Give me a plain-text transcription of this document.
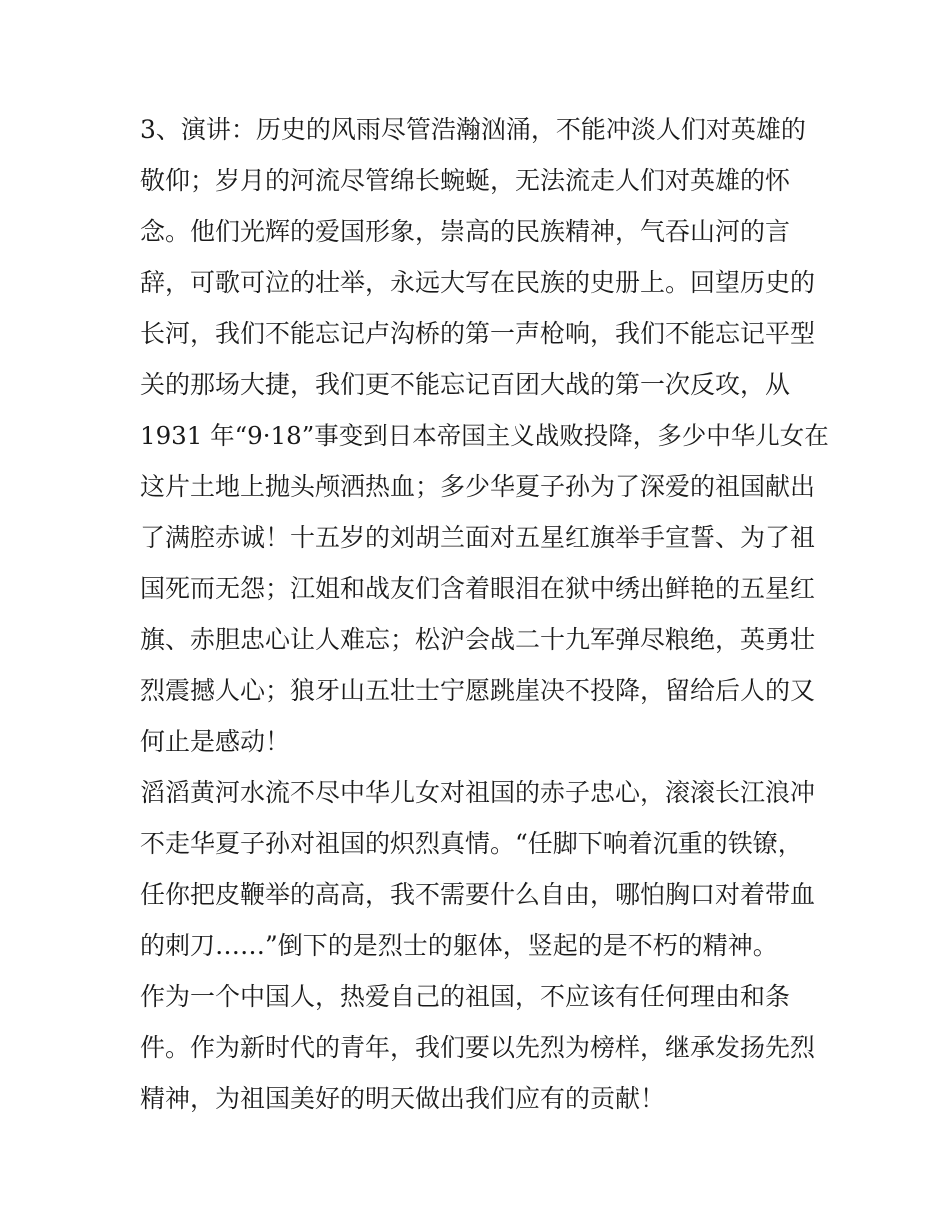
3、演讲：历史的风雨尽管浩瀚汹涌，不能冲淡人们对英雄的
敬仰；岁月的河流尽管绵长蜿蜒，无法流走人们对英雄的怀
念。他们光辉的爱国形象，崇高的民族精神，气吞山河的言
辞，可歌可泣的壮举，永远大写在民族的史册上。回望历史的
长河，我们不能忘记卢沟桥的第一声枪响，我们不能忘记平型
关的那场大捷，我们更不能忘记百团大战的第一次反攻，从
1931 年“9·18”事变到日本帝国主义战败投降，多少中华儿女在
这片土地上抛头颅洒热血；多少华夏子孙为了深爱的祖国献出
了满腔赤诚！十五岁的刘胡兰面对五星红旗举手宣誓、为了祖
国死而无怨；江姐和战友们含着眼泪在狱中绣出鲜艳的五星红
旗、赤胆忠心让人难忘；松沪会战二十九军弹尽粮绝，英勇壮
烈震撼人心；狼牙山五壮士宁愿跳崖决不投降，留给后人的又
何止是感动！
滔滔黄河水流不尽中华儿女对祖国的赤子忠心，滚滚长江浪冲
不走华夏子孙对祖国的炽烈真情。“任脚下响着沉重的铁镣，
任你把皮鞭举的高高，我不需要什么自由，哪怕胸口对着带血
的刺刀……”倒下的是烈士的躯体，竖起的是不朽的精神。
作为一个中国人，热爱自己的祖国，不应该有任何理由和条
件。作为新时代的青年，我们要以先烈为榜样，继承发扬先烈
精神，为祖国美好的明天做出我们应有的贡献！
